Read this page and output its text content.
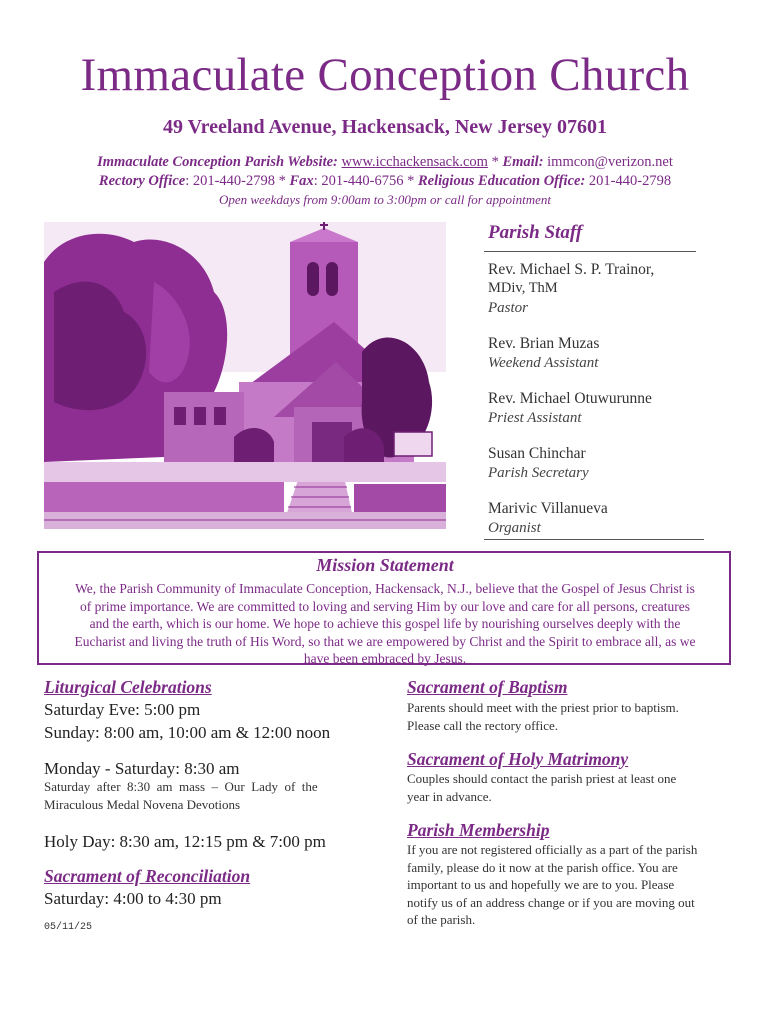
Immaculate Conception Church
49 Vreeland Avenue, Hackensack, New Jersey 07601
Immaculate Conception Parish Website: www.icchackensack.com * Email: immcon@verizon.net
Rectory Office: 201-440-2798 * Fax: 201-440-6756 * Religious Education Office: 201-440-2798
Open weekdays from 9:00am to 3:00pm or call for appointment
Parish Staff
Rev. Michael S. P. Trainor,
MDiv, ThM
Pastor
Rev. Brian Muzas
Weekend Assistant
Rev. Michael Otuwurunne
Priest Assistant
Susan Chinchar
Parish Secretary
Marivic Villanueva
Organist
Mission Statement
We, the Parish Community of Immaculate Conception, Hackensack, N.J., believe that the Gospel of Jesus Christ is
of prime importance. We are committed to loving and serving Him by our love and care for all persons, creatures
and the earth, which is our home. We hope to achieve this gospel life by nourishing ourselves deeply with the
Eucharist and living the truth of His Word, so that we are empowered by Christ and the Spirit to embrace all, as we
have been embraced by Jesus.
Liturgical Celebrations
Saturday Eve: 5:00 pm
Sunday: 8:00 am, 10:00 am & 12:00 noon
Monday - Saturday: 8:30 am
Saturday  after  8:30  am  mass  –  Our  Lady  of  the
Miraculous Medal Novena Devotions
Holy Day: 8:30 am, 12:15 pm & 7:00 pm
Sacrament of Reconciliation
Saturday: 4:00 to 4:30 pm
05/11/25
Sacrament of Baptism
Parents should meet with the priest prior to baptism.
Please call the rectory office.
Sacrament of Holy Matrimony
Couples should contact the parish priest at least one
year in advance.
Parish Membership
If you are not registered officially as a part of the parish
family, please do it now at the parish office. You are
important to us and hopefully we are to you. Please
notify us of an address change or if you are moving out
of the parish.
